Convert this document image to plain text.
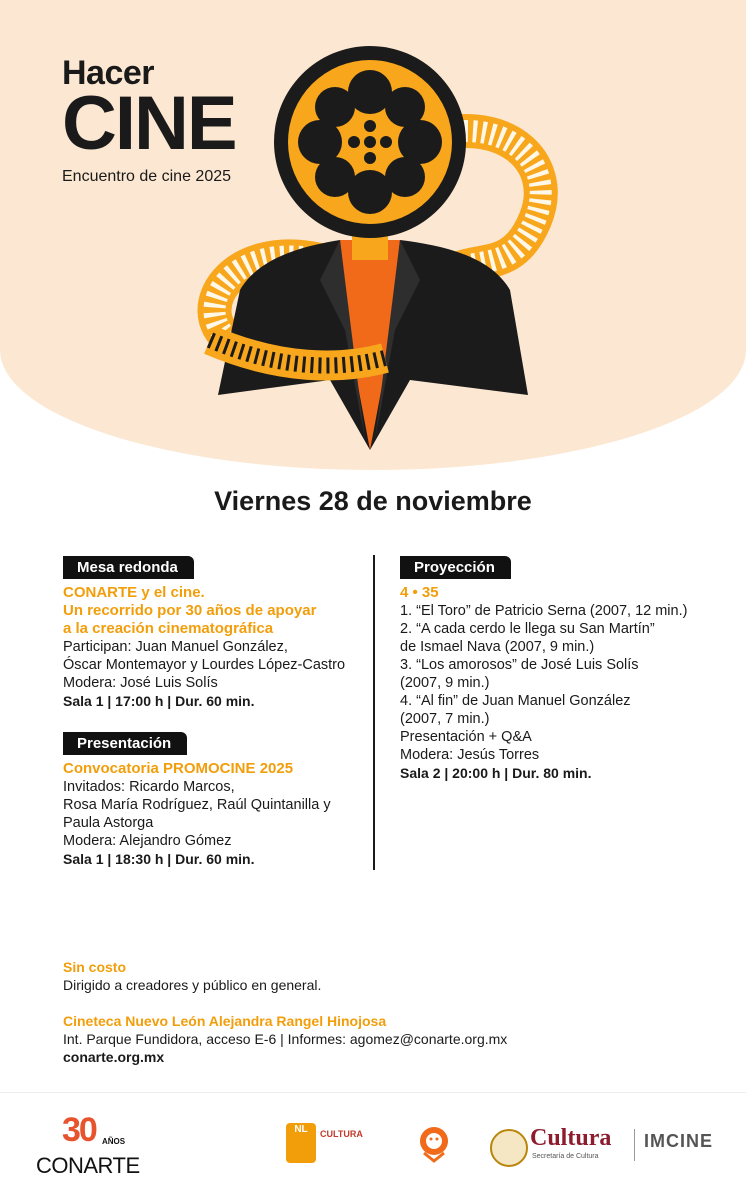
Hacer
CINE
Encuentro de cine 2025
Viernes 28 de noviembre
Mesa redonda
CONARTE y el cine.
Un recorrido por 30 años de apoyar
a la creación cinematográfica
Participan: Juan Manuel González,
Óscar Montemayor y Lourdes López-Castro
Modera: José Luis Solís
Sala 1 | 17:00 h | Dur. 60 min.
Presentación
Convocatoria PROMOCINE 2025
Invitados: Ricardo Marcos,
Rosa María Rodríguez, Raúl Quintanilla y
Paula Astorga
Modera: Alejandro Gómez
Sala 1 | 18:30 h | Dur. 60 min.
Proyección
4 • 35
1. “El Toro” de Patricio Serna (2007, 12 min.)
2. “A cada cerdo le llega su San Martín”
de Ismael Nava (2007, 9 min.)
3. “Los amorosos” de José Luis Solís
(2007, 9 min.)
4. “Al fin” de Juan Manuel González
(2007, 7 min.)
Presentación + Q&A
Modera: Jesús Torres
Sala 2 | 20:00 h | Dur. 80 min.
Sin costo
Dirigido a creadores y público en general.
Cineteca Nuevo León Alejandra Rangel Hinojosa
Int. Parque Fundidora, acceso E-6 | Informes: agomez@conarte.org.mx
conarte.org.mx
30 AÑOS
CONARTE
NL	CULTURA	Cultura
Secretaría de Cultura
IMCINE
